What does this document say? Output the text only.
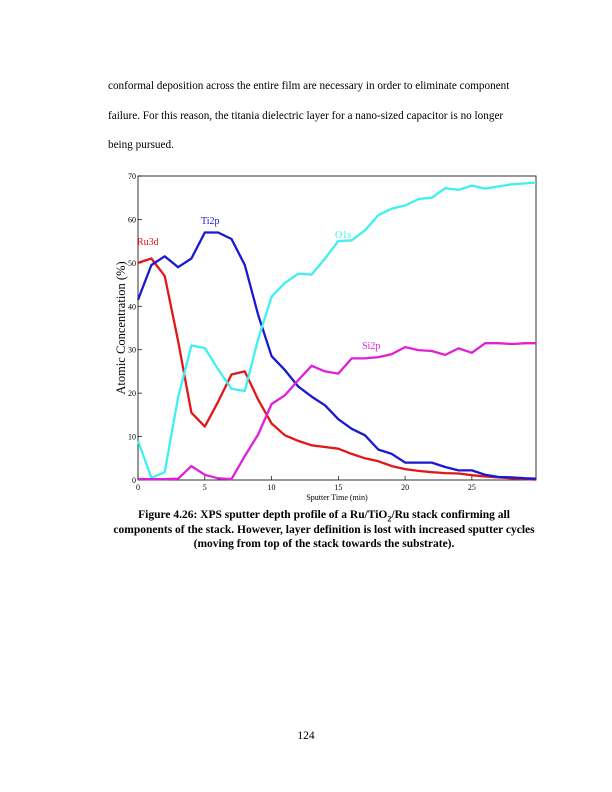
conformal deposition across the entire film are necessary in order to eliminate component
failure. For this reason, the titania dielectric layer for a nano-sized capacitor is no longer
being pursued.
0	5	10	15	20	25
0
10
20
30
40
50
60
70
Ru3d
Ti2p
O1s
Si2p
Sputter Time (min)
Atomic Concentration (%)
Figure 4.26: XPS sputter depth profile of a Ru/TiO$_2$/Ru stack confirming all components of the stack. However, layer definition is lost with increased sputter cycles (moving from top of the stack towards the substrate).
124
